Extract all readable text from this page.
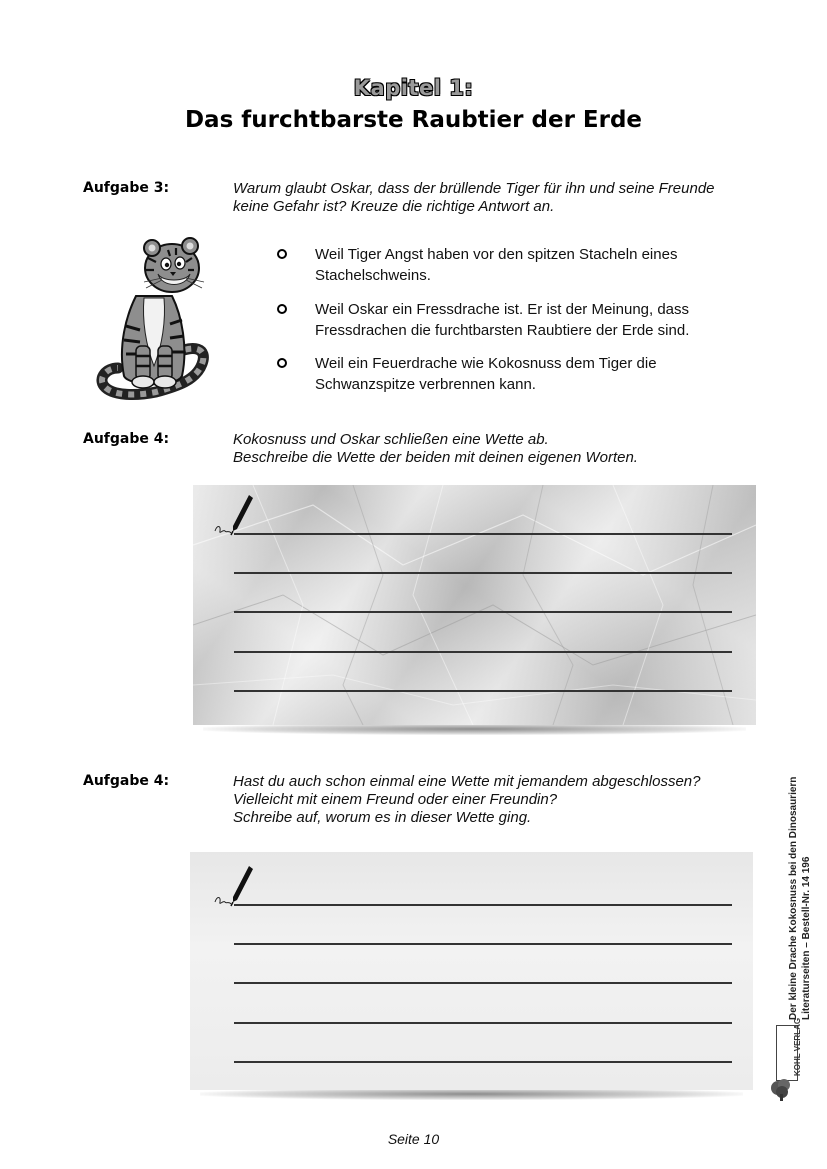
Kapitel 1:
Das furchtbarste Raubtier der Erde
Aufgabe 3:	Warum glaubt Oskar, dass der brüllende Tiger für ihn und seine Freunde
keine Gefahr ist? Kreuze die richtige Antwort an.
Weil Tiger Angst haben vor den spitzen Stacheln eines
Stachelschweins.
Weil Oskar ein Fressdrache ist. Er ist der Meinung, dass
Fressdrachen die furchtbarsten Raubtiere der Erde sind.
Weil ein Feuerdrache wie Kokosnuss dem Tiger die
Schwanzspitze verbrennen kann.
Aufgabe 4:	Kokosnuss und Oskar schließen eine Wette ab.
Beschreibe die Wette der beiden mit deinen eigenen Worten.
Aufgabe 4:	Hast du auch schon einmal eine Wette mit jemandem abgeschlossen?
Vielleicht mit einem Freund oder einer Freundin?
Schreibe auf, worum es in dieser Wette ging.	Der kleine Drache Kokosnuss bei den Dinosauriern Literaturseiten – Bestell-Nr. 14 196
KOHL VERLAG
Seite 10
